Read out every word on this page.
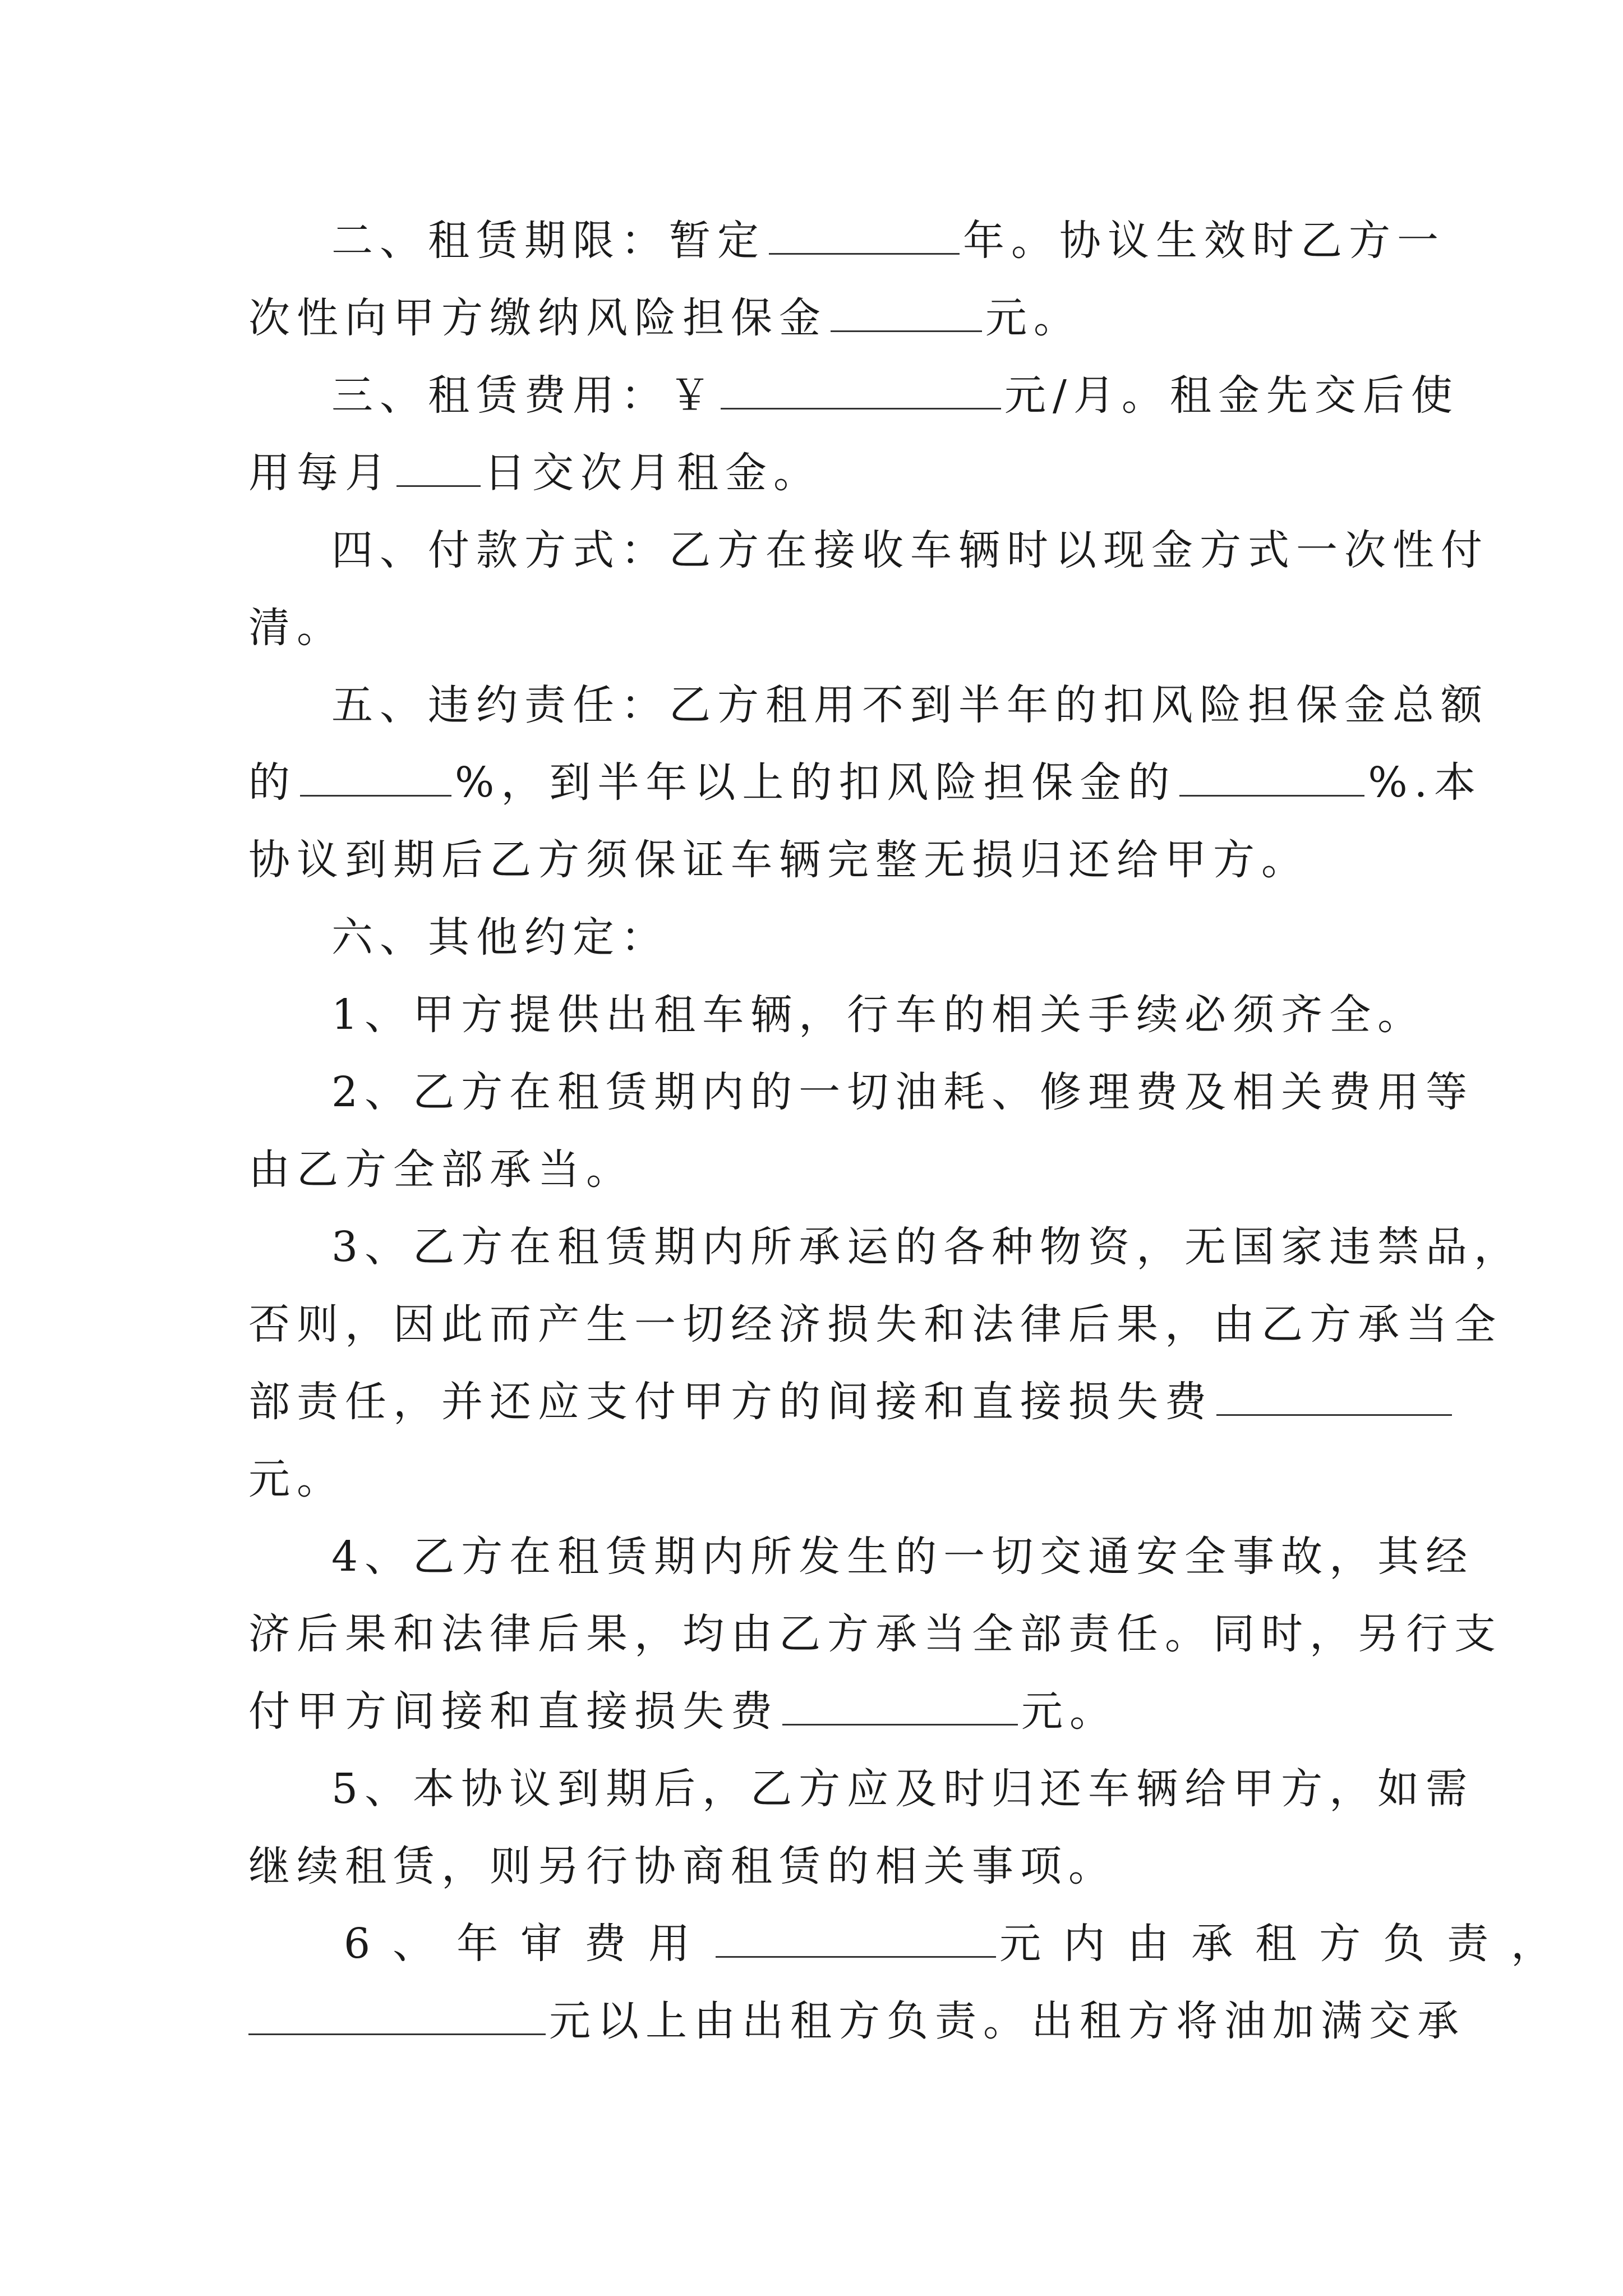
二、租赁期限：暂定	年。协议生效时乙方一
次性向甲方缴纳风险担保金	元。
三、租赁费用：￥	元/月。租金先交后使
用每月 日交次月租金。
四、付款方式：乙方在接收车辆时以现金方式一次性付
清。
五、违约责任：乙方租用不到半年的扣风险担保金总额
的	%，到半年以上的扣风险担保金的	%.本
协议到期后乙方须保证车辆完整无损归还给甲方。
六、其他约定：
1、甲方提供出租车辆，行车的相关手续必须齐全。
2、乙方在租赁期内的一切油耗、修理费及相关费用等
由乙方全部承当。
3、乙方在租赁期内所承运的各种物资，无国家违禁品，
否则，因此而产生一切经济损失和法律后果，由乙方承当全
部责任，并还应支付甲方的间接和直接损失费
元。
4、乙方在租赁期内所发生的一切交通安全事故，其经
济后果和法律后果，均由乙方承当全部责任。同时，另行支
付甲方间接和直接损失费	元。
5、本协议到期后，乙方应及时归还车辆给甲方，如需
继续租赁，则另行协商租赁的相关事项。
6、年审费用	元内由承租方负责，
元以上由出租方负责。出租方将油加满交承
